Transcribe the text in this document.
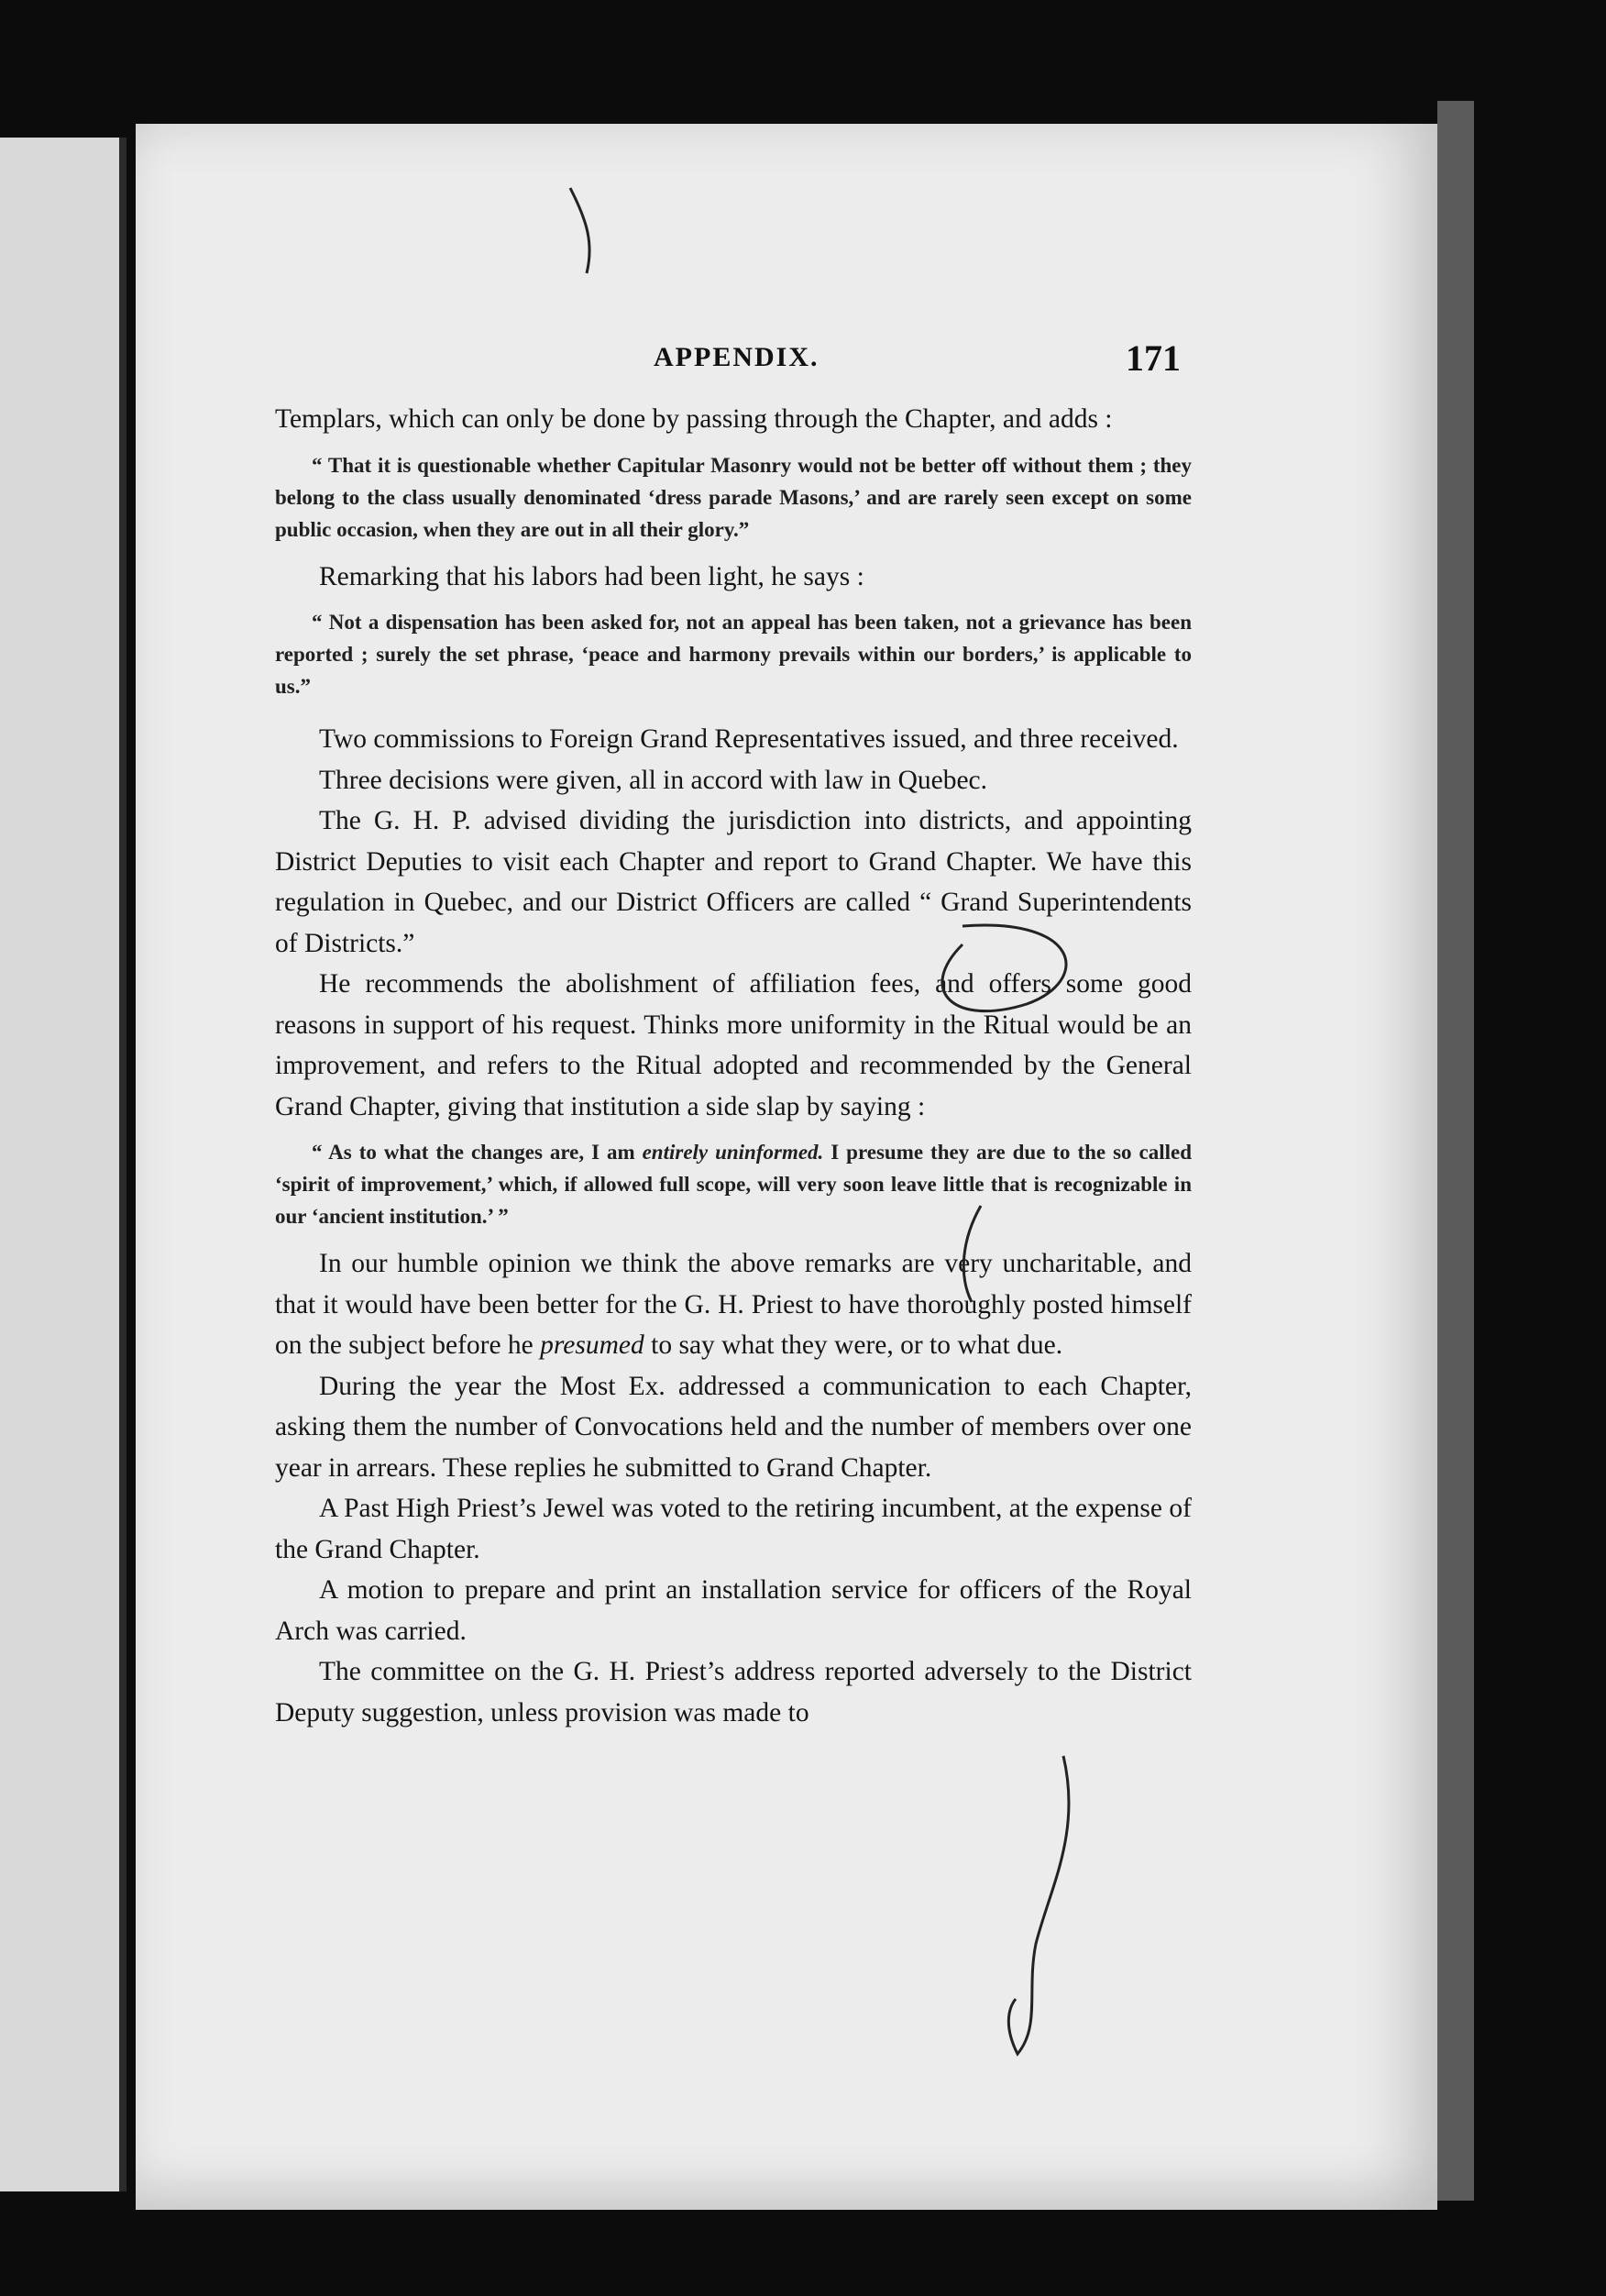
APPENDIX.	171

Templars, which can only be done by passing through the Chapter, and adds :

“ That it is questionable whether Capitular Masonry would not be better off without them ; they belong to the class usually denominated ‘dress parade Masons,’ and are rarely seen except on some public occasion, when they are out in all their glory.”

Remarking that his labors had been light, he says :

“ Not a dispensation has been asked for, not an appeal has been taken, not a grievance has been reported ; surely the set phrase, ‘peace and harmony prevails within our borders,’ is applicable to us.”

Two commissions to Foreign Grand Representatives issued, and three received.

Three decisions were given, all in accord with law in Quebec.

The G. H. P. advised dividing the jurisdiction into districts, and appointing District Deputies to visit each Chapter and report to Grand Chapter. We have this regulation in Quebec, and our District Officers are called “ Grand Superintendents of Districts.”

He recommends the abolishment of affiliation fees, and offers some good reasons in support of his request. Thinks more uniformity in the Ritual would be an improvement, and refers to the Ritual adopted and recommended by the General Grand Chapter, giving that institution a side slap by saying :

“ As to what the changes are, I am entirely uninformed. I presume they are due to the so called ‘spirit of improvement,’ which, if allowed full scope, will very soon leave little that is recognizable in our ‘ancient institution.’ ”

In our humble opinion we think the above remarks are very uncharitable, and that it would have been better for the G. H. Priest to have thoroughly posted himself on the subject before he presumed to say what they were, or to what due.

During the year the Most Ex. addressed a communication to each Chapter, asking them the number of Convocations held and the number of members over one year in arrears. These replies he submitted to Grand Chapter.

A Past High Priest’s Jewel was voted to the retiring incumbent, at the expense of the Grand Chapter.

A motion to prepare and print an installation service for officers of the Royal Arch was carried.

The committee on the G. H. Priest’s address reported adversely to the District Deputy suggestion, unless provision was made to
